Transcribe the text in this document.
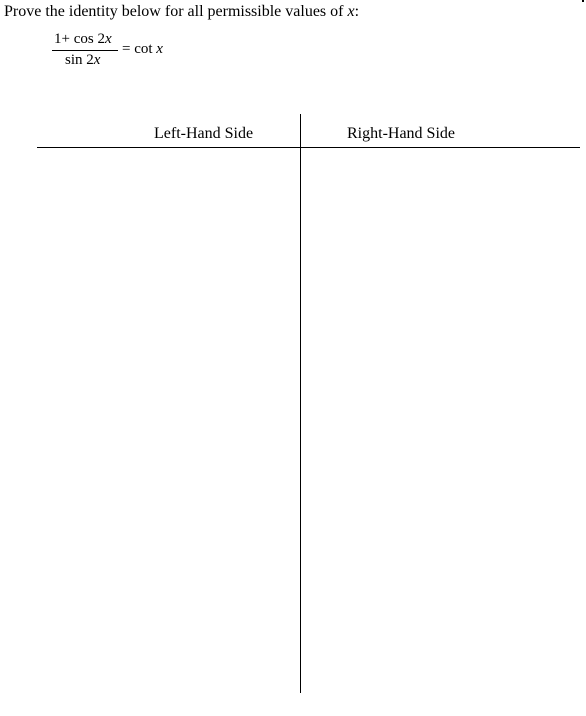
Prove the identity below for all permissible values of x:
1+ cos 2x
sin 2x
= cot x
Left-Hand Side	Right-Hand Side
